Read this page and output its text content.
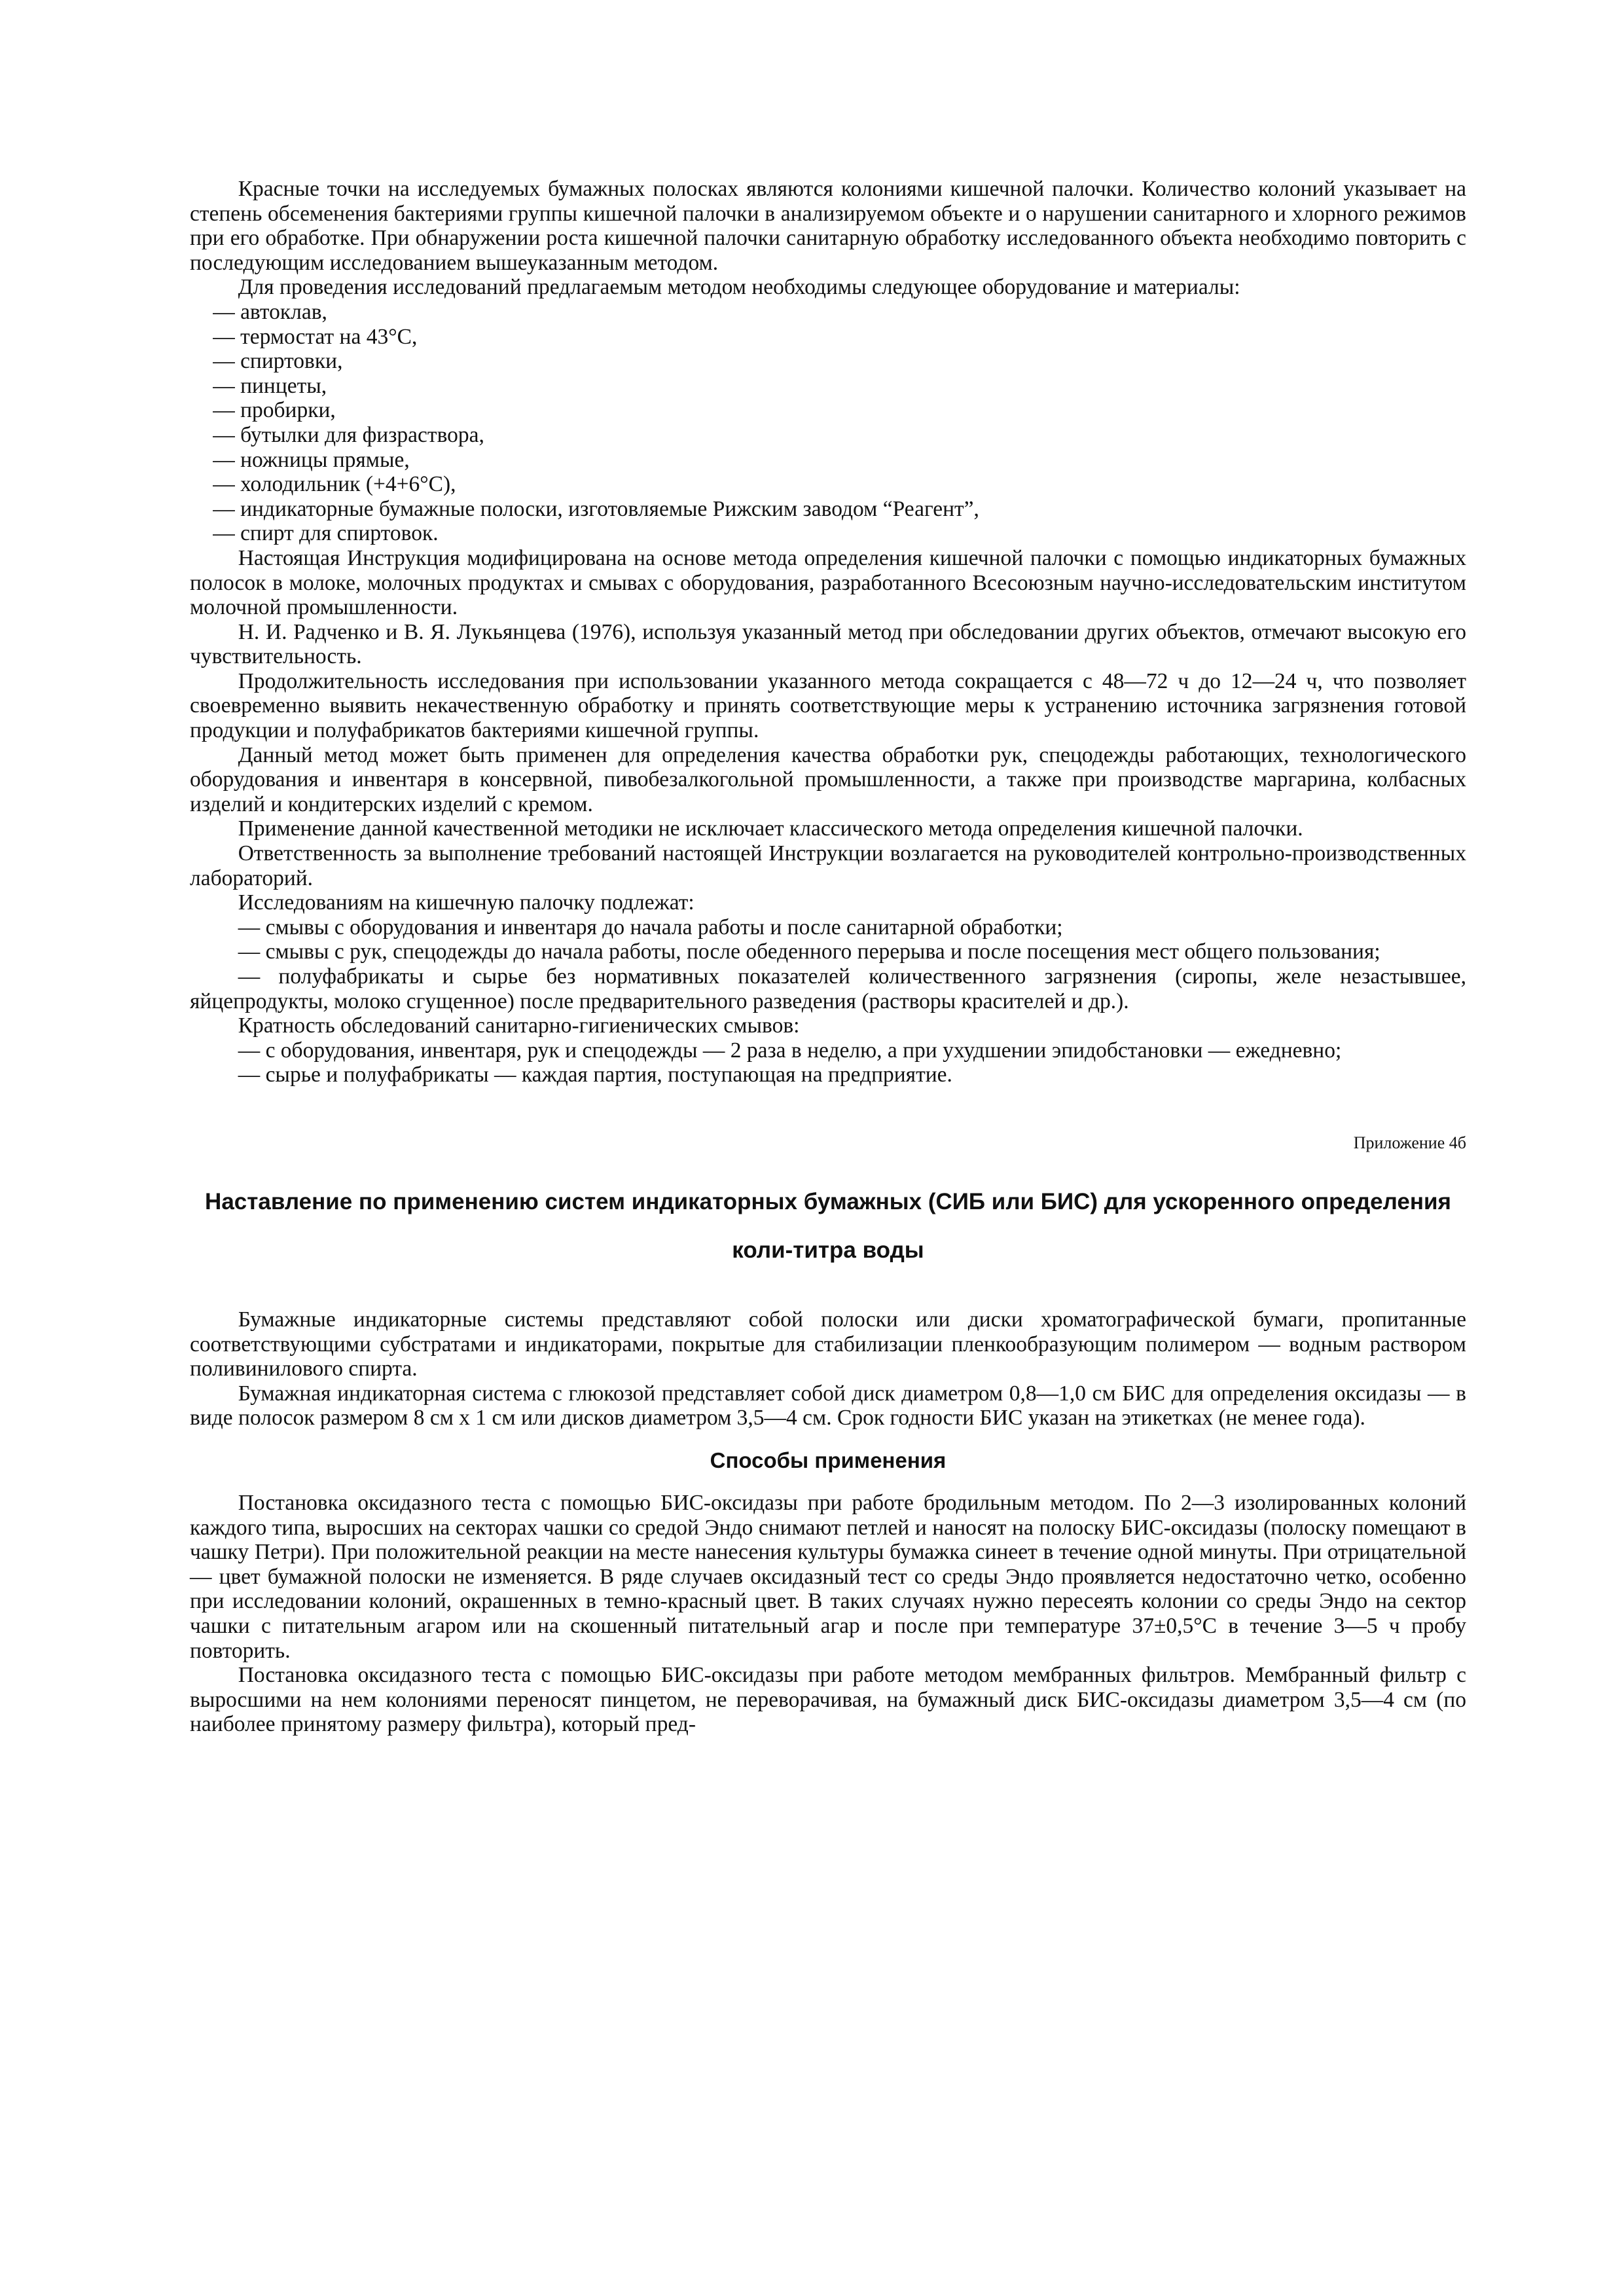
Красные точки на исследуемых бумажных полосках являются колониями кишечной палочки. Количество колоний указывает на степень обсеменения бактериями группы кишечной палочки в анализируемом объекте и о нарушении санитарного и хлорного режимов при его обработке. При обнаружении роста кишечной палочки санитарную обработку исследованного объекта необходимо повторить с последующим исследованием вышеуказанным методом.

Для проведения исследований предлагаемым методом необходимы следующее оборудование и материалы:

— автоклав,
— термостат на 43°С,
— спиртовки,
— пинцеты,
— пробирки,
— бутылки для физраствора,
— ножницы прямые,
— холодильник (+4+6°С),
— индикаторные бумажные полоски, изготовляемые Рижским заводом “Реагент”,
— спирт для спиртовок.

Настоящая Инструкция модифицирована на основе метода определения кишечной палочки с помощью индикаторных бумажных полосок в молоке, молочных продуктах и смывах с оборудования, разработанного Всесоюзным научно-исследовательским институтом молочной промышленности.

Н. И. Радченко и В. Я. Лукьянцева (1976), используя указанный метод при обследовании других объектов, отмечают высокую его чувствительность.

Продолжительность исследования при использовании указанного метода сокращается с 48—72 ч до 12—24 ч, что позволяет своевременно выявить некачественную обработку и принять соответствующие меры к устранению источника загрязнения готовой продукции и полуфабрикатов бактериями кишечной группы.

Данный метод может быть применен для определения качества обработки рук, спецодежды работающих, технологического оборудования и инвентаря в консервной, пивобезалкогольной промышленности, а также при производстве маргарина, колбасных изделий и кондитерских изделий с кремом.

Применение данной качественной методики не исключает классического метода определения кишечной палочки.

Ответственность за выполнение требований настоящей Инструкции возлагается на руководителей контрольно-производственных лабораторий.

Исследованиям на кишечную палочку подлежат:

— смывы с оборудования и инвентаря до начала работы и после санитарной обработки;

— смывы с рук, спецодежды до начала работы, после обеденного перерыва и после посещения мест общего пользования;

— полуфабрикаты и сырье без нормативных показателей количественного загрязнения (сиропы, желе незастывшее, яйцепродукты, молоко сгущенное) после предварительного разведения (растворы красителей и др.).

Кратность обследований санитарно-гигиенических смывов:

— с оборудования, инвентаря, рук и спецодежды — 2 раза в неделю, а при ухудшении эпидобстановки — ежедневно;

— сырье и полуфабрикаты — каждая партия, поступающая на предприятие.

Приложение 4б
Наставление по применению систем индикаторных бумажных (СИБ или БИС) для ускоренного определения коли-титра воды

Бумажные индикаторные системы представляют собой полоски или диски хроматографической бумаги, пропитанные соответствующими субстратами и индикаторами, покрытые для стабилизации пленкообразующим полимером — водным раствором поливинилового спирта.

Бумажная индикаторная система с глюкозой представляет собой диск диаметром 0,8—1,0 см БИС для определения оксидазы — в виде полосок размером 8 см х 1 см или дисков диаметром 3,5—4 см. Срок годности БИС указан на этикетках (не менее года).

Способы применения

Постановка оксидазного теста с помощью БИС-оксидазы при работе бродильным методом. По 2—3 изолированных колоний каждого типа, выросших на секторах чашки со средой Эндо снимают петлей и наносят на полоску БИС-оксидазы (полоску помещают в чашку Петри). При положительной реакции на месте нанесения культуры бумажка синеет в течение одной минуты. При отрицательной — цвет бумажной полоски не изменяется. В ряде случаев оксидазный тест со среды Эндо проявляется недостаточно четко, особенно при исследовании колоний, окрашенных в темно-красный цвет. В таких случаях нужно пересеять колонии со среды Эндо на сектор чашки с питательным агаром или на скошенный питательный агар и после при температуре 37±0,5°С в течение 3—5 ч пробу повторить.

Постановка оксидазного теста с помощью БИС-оксидазы при работе методом мембранных фильтров. Мембранный фильтр с выросшими на нем колониями переносят пинцетом, не переворачивая, на бумажный диск БИС-оксидазы диаметром 3,5—4 см (по наиболее принятому размеру фильтра), который пред-
